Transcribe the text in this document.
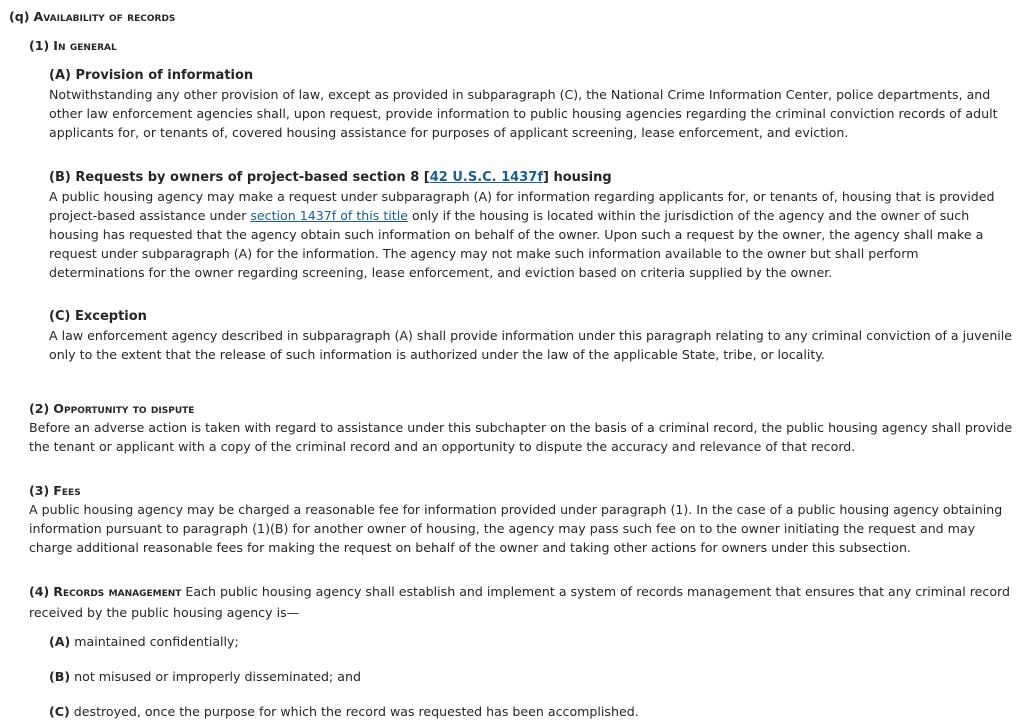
(q) Availability of records
(1) In general
(A) Provision of information
Notwithstanding any other provision of law, except as provided in subparagraph (C), the National Crime Information Center, police departments, and other law enforcement agencies shall, upon request, provide information to public housing agencies regarding the criminal conviction records of adult applicants for, or tenants of, covered housing assistance for purposes of applicant screening, lease enforcement, and eviction.
(B) Requests by owners of project-based section 8 [42 U.S.C. 1437f] housing
A public housing agency may make a request under subparagraph (A) for information regarding applicants for, or tenants of, housing that is provided project-based assistance under section 1437f of this title only if the housing is located within the jurisdiction of the agency and the owner of such housing has requested that the agency obtain such information on behalf of the owner. Upon such a request by the owner, the agency shall make a request under subparagraph (A) for the information. The agency may not make such information available to the owner but shall perform determinations for the owner regarding screening, lease enforcement, and eviction based on criteria supplied by the owner.
(C) Exception
A law enforcement agency described in subparagraph (A) shall provide information under this paragraph relating to any criminal conviction of a juvenile only to the extent that the release of such information is authorized under the law of the applicable State, tribe, or locality.
(2) Opportunity to dispute
Before an adverse action is taken with regard to assistance under this subchapter on the basis of a criminal record, the public housing agency shall provide the tenant or applicant with a copy of the criminal record and an opportunity to dispute the accuracy and relevance of that record.
(3) Fees
A public housing agency may be charged a reasonable fee for information provided under paragraph (1). In the case of a public housing agency obtaining information pursuant to paragraph (1)(B) for another owner of housing, the agency may pass such fee on to the owner initiating the request and may charge additional reasonable fees for making the request on behalf of the owner and taking other actions for owners under this subsection.
(4) Records management Each public housing agency shall establish and implement a system of records management that ensures that any criminal record received by the public housing agency is—
(A) maintained confidentially;
(B) not misused or improperly disseminated; and
(C) destroyed, once the purpose for which the record was requested has been accomplished.
